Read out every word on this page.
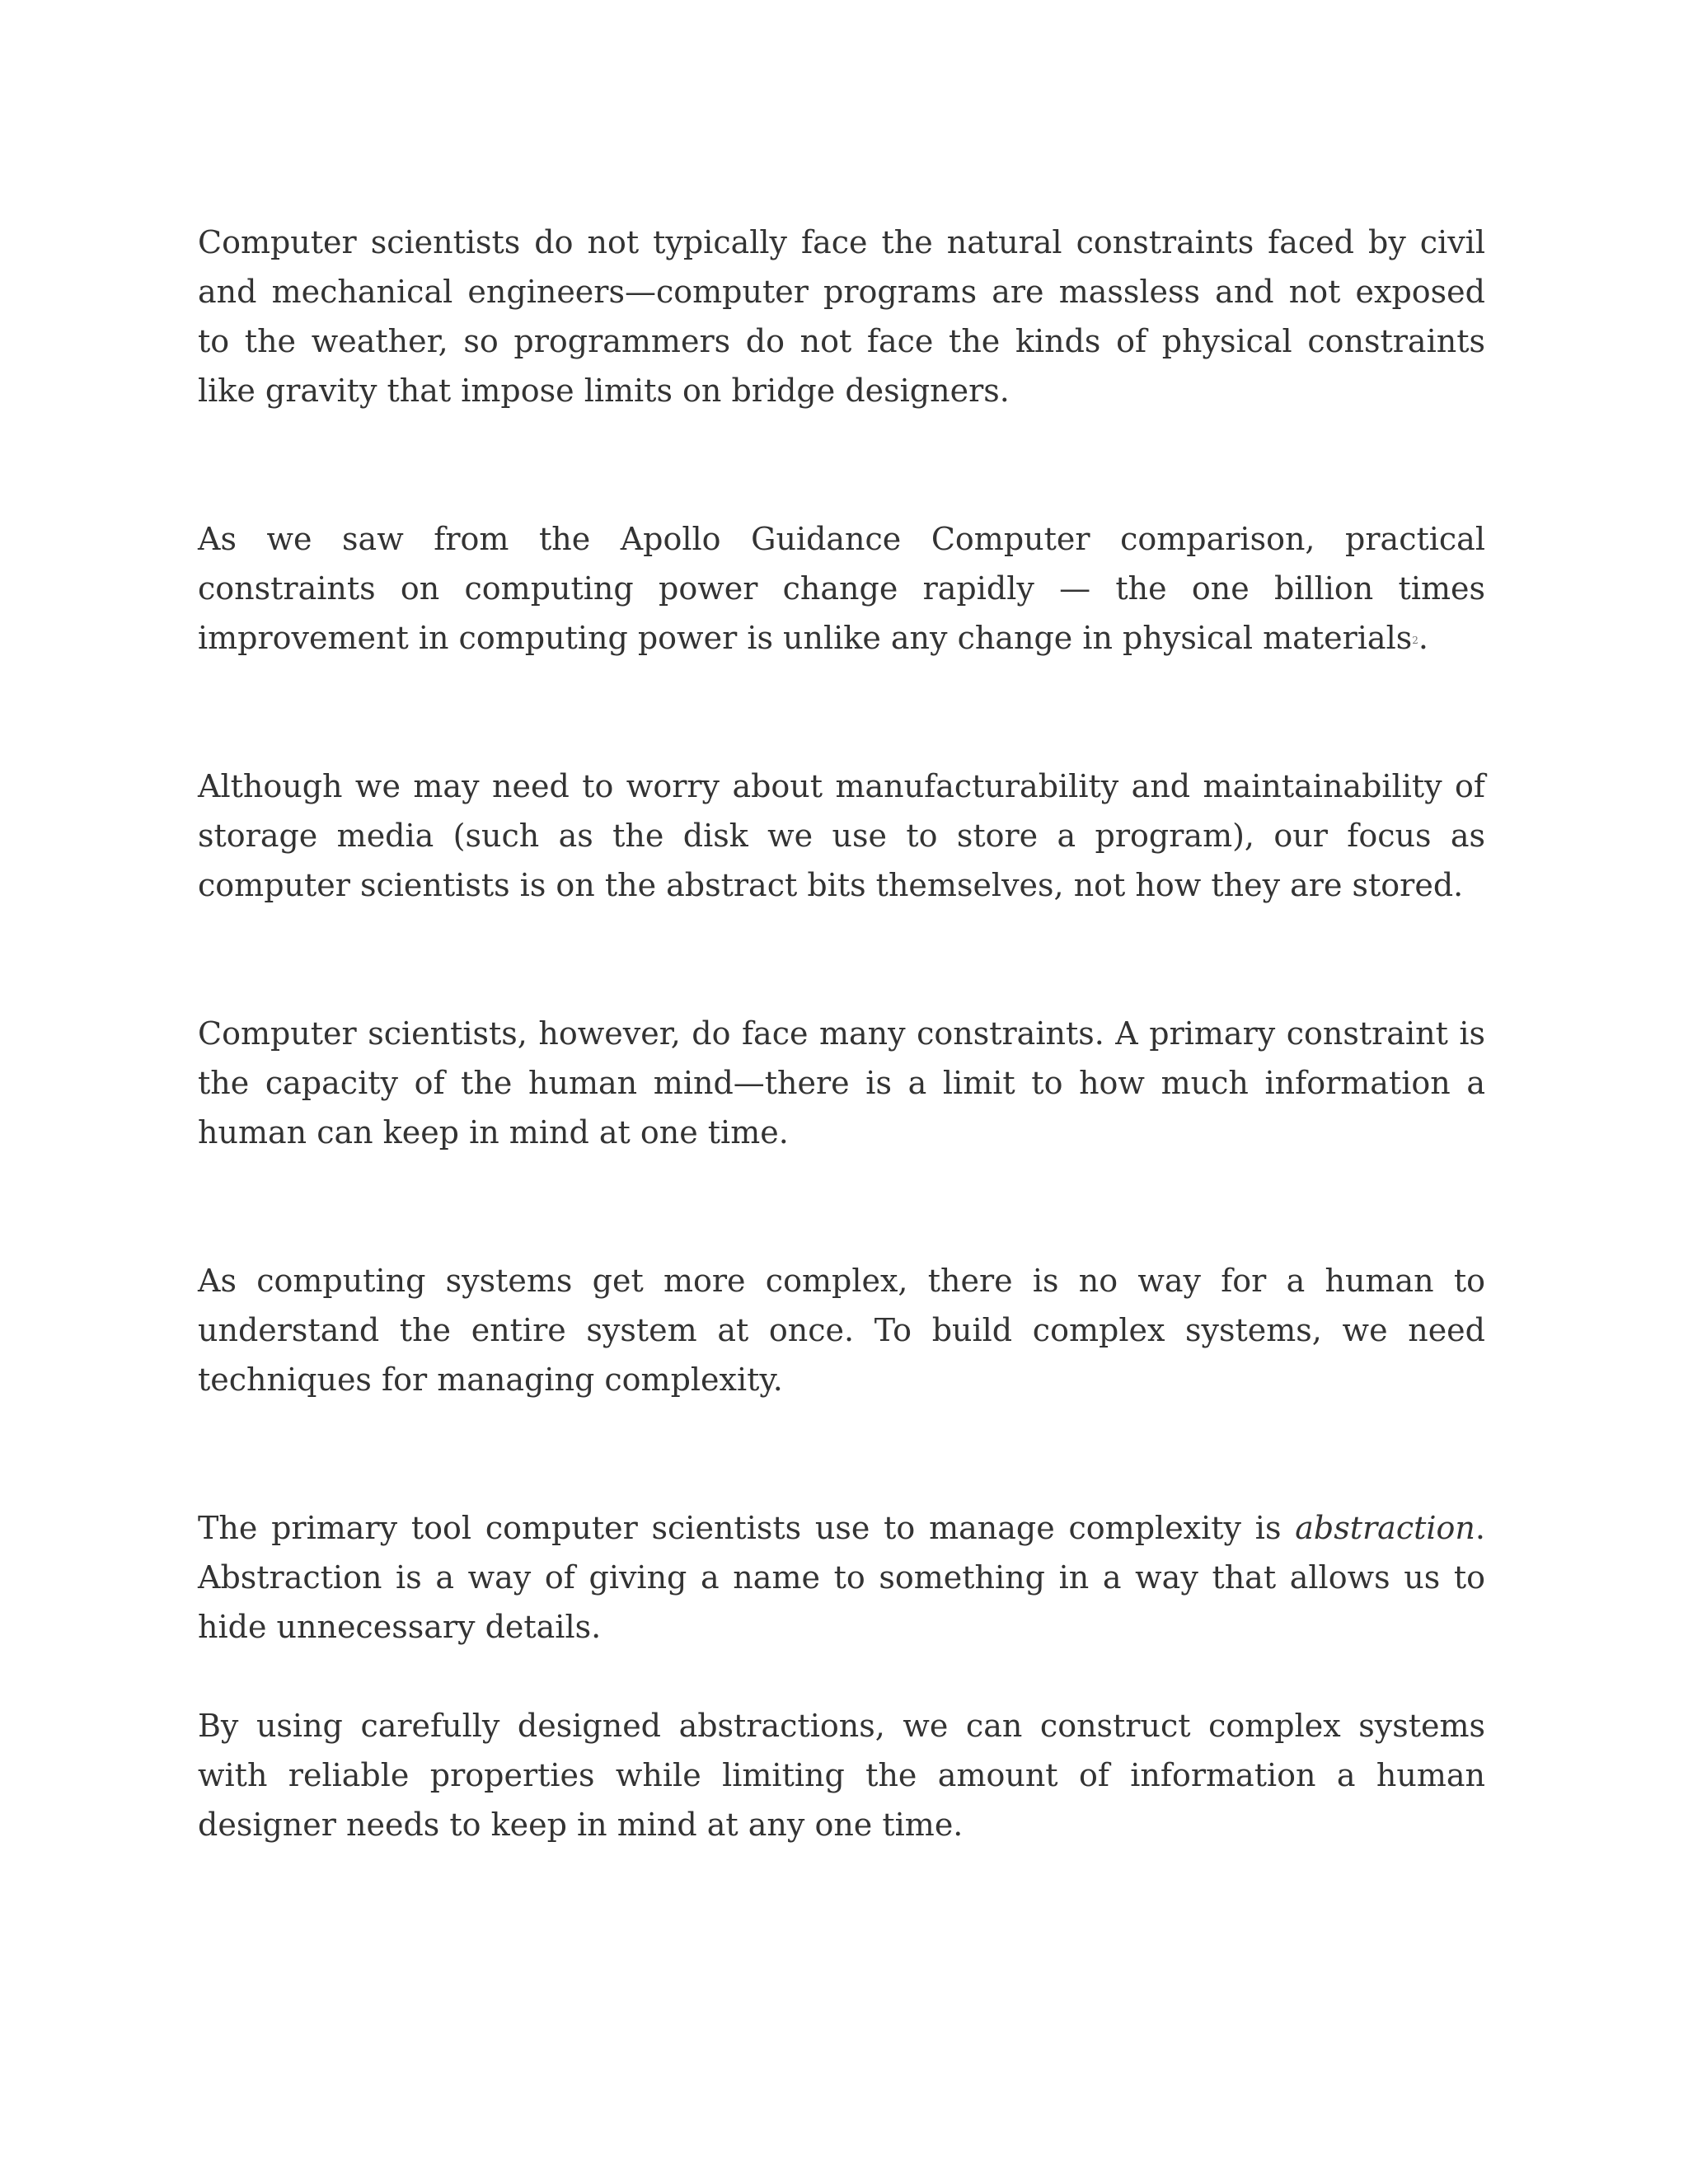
Computer scientists do not typically face the natural constraints faced by civil and mechanical engineers—computer programs are massless and not exposed to the weather, so programmers do not face the kinds of physical constraints like gravity that impose limits on bridge designers.

As we saw from the Apollo Guidance Computer comparison, practical constraints on computing power change rapidly — the one billion times improvement in computing power is unlike any change in physical materials$^2$.

Although we may need to worry about manufacturability and maintainability of storage media (such as the disk we use to store a program), our focus as computer scientists is on the abstract bits themselves, not how they are stored.

Computer scientists, however, do face many constraints. A primary constraint is the capacity of the human mind—there is a limit to how much information a human can keep in mind at one time.

As computing systems get more complex, there is no way for a human to understand the entire system at once. To build complex systems, we need techniques for managing complexity.

The primary tool computer scientists use to manage complexity is abstraction. Abstraction is a way of giving a name to something in a way that allows us to hide unnecessary details.

By using carefully designed abstractions, we can construct complex systems with reliable properties while limiting the amount of information a human designer needs to keep in mind at any one time.
